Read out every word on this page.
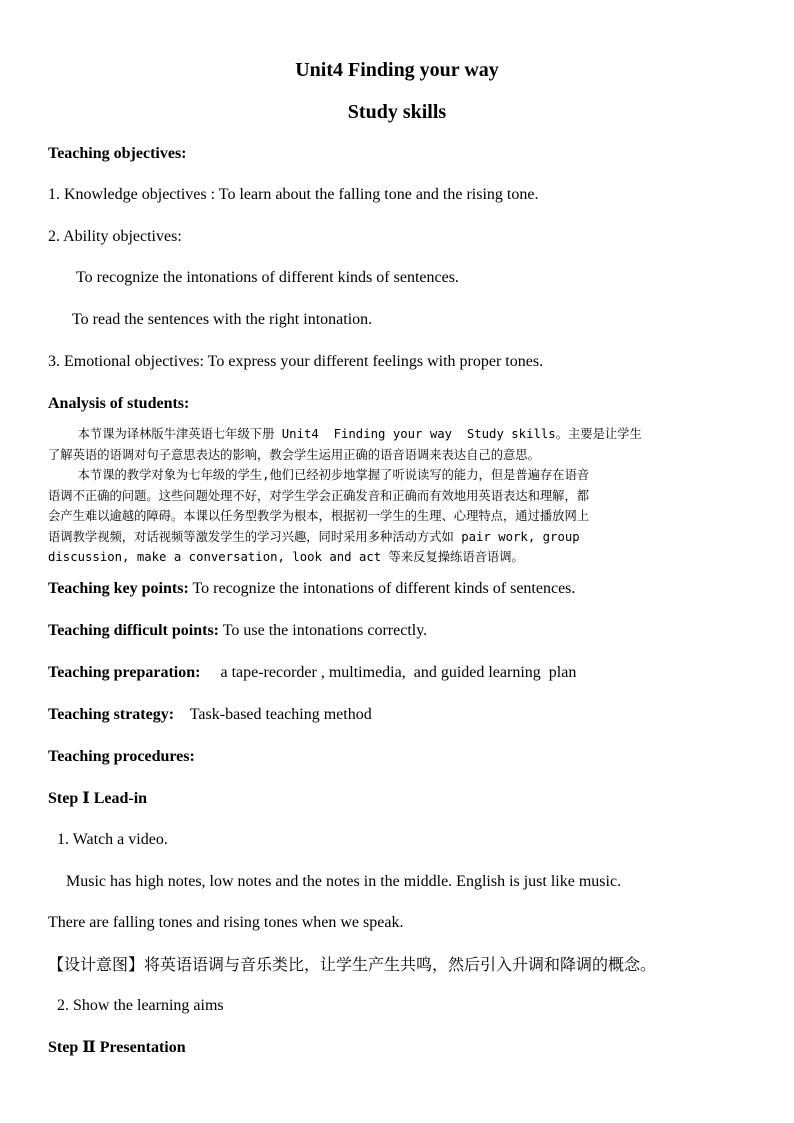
Unit4 Finding your way
Study skills
Teaching objectives:
1. Knowledge objectives : To learn about the falling tone and the rising tone.
2. Ability objectives:
To recognize the intonations of different kinds of sentences.
To read the sentences with the right intonation.
3. Emotional objectives: To express your different feelings with proper tones.
Analysis of students:
本节课为译林版牛津英语七年级下册 Unit4  Finding your way  Study skills。主要是让学生
了解英语的语调对句子意思表达的影响，教会学生运用正确的语音语调来表达自己的意思。
本节课的教学对象为七年级的学生,他们已经初步地掌握了听说读写的能力，但是普遍存在语音
语调不正确的问题。这些问题处理不好，对学生学会正确发音和正确而有效地用英语表达和理解，都
会产生难以逾越的障碍。本课以任务型教学为根本，根据初一学生的生理、心理特点，通过播放网上
语调教学视频，对话视频等激发学生的学习兴趣，同时采用多种活动方式如 pair work, group
discussion, make a conversation, look and act 等来反复操练语音语调。
Teaching key points: To recognize the intonations of different kinds of sentences.
Teaching difficult points: To use the intonations correctly.
Teaching preparation:     a tape-recorder , multimedia,  and guided learning  plan
Teaching strategy:    Task-based teaching method
Teaching procedures:
Step Ⅰ Lead-in
1. Watch a video.
Music has high notes, low notes and the notes in the middle. English is just like music.
There are falling tones and rising tones when we speak.
【设计意图】将英语语调与音乐类比，让学生产生共鸣，然后引入升调和降调的概念。
2. Show the learning aims
Step Ⅱ Presentation
